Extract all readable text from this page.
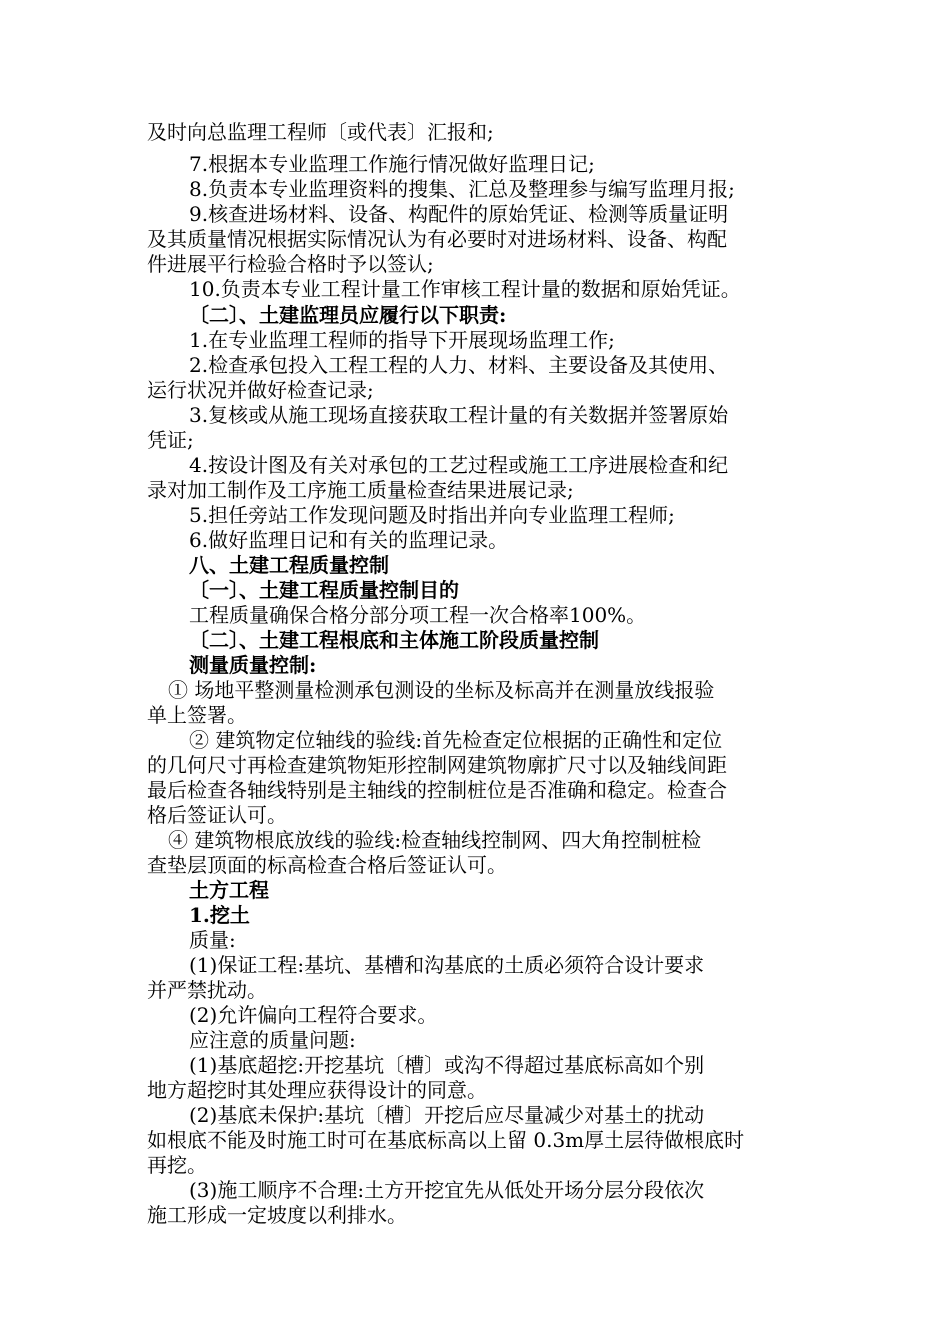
及时向总监理工程师〔或代表〕汇报和;
7.根据本专业监理工作施行情况做好监理日记;
8.负责本专业监理资料的搜集、汇总及整理参与编写监理月报;
9.核查进场材料、设备、构配件的原始凭证、检测等质量证明
及其质量情况根据实际情况认为有必要时对进场材料、设备、构配
件进展平行检验合格时予以签认;
10.负责本专业工程计量工作审核工程计量的数据和原始凭证。
〔二〕、土建监理员应履行以下职责:
1.在专业监理工程师的指导下开展现场监理工作;
2.检查承包投入工程工程的人力、材料、主要设备及其使用、
运行状况并做好检查记录;
3.复核或从施工现场直接获取工程计量的有关数据并签署原始
凭证;
4.按设计图及有关对承包的工艺过程或施工工序进展检查和纪
录对加工制作及工序施工质量检查结果进展记录;
5.担任旁站工作发现问题及时指出并向专业监理工程师;
6.做好监理日记和有关的监理记录。
八、土建工程质量控制
〔一〕、土建工程质量控制目的
工程质量确保合格分部分项工程一次合格率100%。
〔二〕、土建工程根底和主体施工阶段质量控制
测量质量控制:
① 场地平整测量检测承包测设的坐标及标高并在测量放线报验
单上签署。
② 建筑物定位轴线的验线:首先检查定位根据的正确性和定位
的几何尺寸再检查建筑物矩形控制网建筑物廓扩尺寸以及轴线间距
最后检查各轴线特别是主轴线的控制桩位是否准确和稳定。检查合
格后签证认可。
④ 建筑物根底放线的验线:检查轴线控制网、四大角控制桩检
查垫层顶面的标高检查合格后签证认可。
土方工程
1.挖土
质量:
(1)保证工程:基坑、基槽和沟基底的土质必须符合设计要求
并严禁扰动。
(2)允许偏向工程符合要求。
应注意的质量问题:
(1)基底超挖:开挖基坑〔槽〕或沟不得超过基底标高如个别
地方超挖时其处理应获得设计的同意。
(2)基底未保护:基坑〔槽〕开挖后应尽量减少对基土的扰动
如根底不能及时施工时可在基底标高以上留 0.3m厚土层待做根底时
再挖。
(3)施工顺序不合理:土方开挖宜先从低处开场分层分段依次
施工形成一定坡度以利排水。
